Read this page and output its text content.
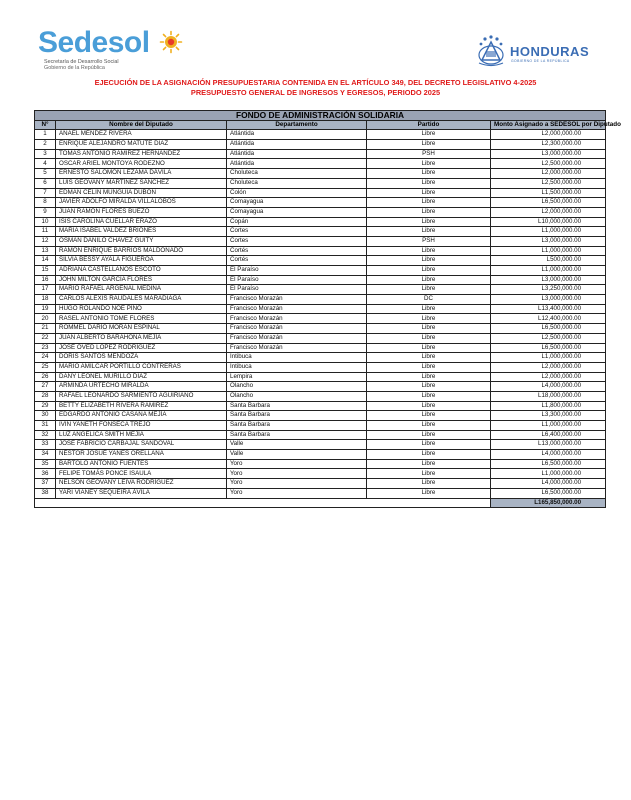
Sedesol
Secretaría de Desarrollo Social
Gobierno de la República
HONDURAS
GOBIERNO DE LA REPÚBLICA
EJECUCIÓN DE LA ASIGNACIÓN PRESUPUESTARIA CONTENIDA EN EL ARTÍCULO 349, DEL DECRETO LEGISLATIVO 4-2025
PRESUPUESTO GENERAL DE INGRESOS Y EGRESOS, PERIODO 2025
FONDO DE ADMINISTRACIÓN SOLIDARIA				
N°	Nombre del Diputado	Departamento	Partido	Monto Asignado a SEDESOL por Diputado
1	ANAEL MÉNDEZ RIVERA	Atlántida	Libre	L2,000,000.00
2	ENRIQUE ALEJANDRO MATUTE DIAZ	Atlántida	Libre	L2,300,000.00
3	TOMAS ANTONIO RAMIREZ HERNANDEZ	Atlántida	PSH	L3,000,000.00
4	OSCAR ARIEL MONTOYA RODEZNO	Atlántida	Libre	L2,500,000.00
5	ERNESTO SALOMÓN LEZAMA DÁVILA	Choluteca	Libre	L2,000,000.00
6	LUIS GEOVANY MARTÍNEZ SÁNCHEZ	Choluteca	Libre	L2,500,000.00
7	EDMAN CELIN MUNGUIA DUBON	Colón	Libre	L1,500,000.00
8	JAVIER ADOLFO MIRALDA VILLALOBOS	Comayagua	Libre	L6,500,000.00
9	JUAN RAMON FLORES BUEZO	Comayagua	Libre	L2,000,000.00
10	ISIS CAROLINA CUELLAR ERAZO	Copán	Libre	L10,000,000.00
11	MARIA ISABEL VALDEZ BRIONES	Cortes	Libre	L1,000,000.00
12	OSMAN DANILO CHAVEZ GUITY	Cortes	PSH	L3,000,000.00
13	RAMON ENRIQUE BARRIOS MALDONADO	Cortés	Libre	L1,000,000.00
14	SILVIA BESSY AYALA FIGUEROA	Cortés	Libre	L500,000.00
15	ADRIANA CASTELLANOS ESCOTO	El Paraíso	Libre	L1,000,000.00
16	JOHN MILTON GARCIA FLORES	El Paraíso	Libre	L3,000,000.00
17	MARIO RAFAEL ARGEÑAL MEDINA	El Paraíso	Libre	L3,250,000.00
18	CARLOS ALEXIS RAUDALES MARADIAGA	Francisco Morazán	DC	L3,000,000.00
19	HUGO ROLANDO NOE PINO	Francisco Morazán	Libre	L13,400,000.00
20	RASEL ANTONIO TOME FLORES	Francisco Morazán	Libre	L12,400,000.00
21	ROMMEL DARÍO MORAN ESPINAL	Francisco Morazán	Libre	L6,500,000.00
22	JUAN ALBERTO BARAHONA MEJÍA	Francisco Morazán	Libre	L2,500,000.00
23	JOSÉ OVED LÓPEZ RODRÍGUEZ	Francisco Morazán	Libre	L6,500,000.00
24	DORIS SANTOS MENDOZA	Intibuca	Libre	L1,000,000.00
25	MARIO AMILCAR PORTILLO CONTRERAS	Intibuca	Libre	L2,000,000.00
26	DANY LEONEL MURILLO DIAZ	Lempira	Libre	L2,000,000.00
27	ARMINDA URTECHO MIRALDA	Olancho	Libre	L4,000,000.00
28	RAFAEL LEONARDO SARMIENTO AGUIRIANO	Olancho	Libre	L18,000,000.00
29	BETTY ELIZABETH RIVERA RAMIREZ	Santa Barbara	Libre	L1,800,000.00
30	EDGARDO ANTONIO CASAÑA MEJÍA	Santa Barbara	Libre	L3,300,000.00
31	IVIN YANETH FONSECA TREJO	Santa Barbara	Libre	L1,000,000.00
32	LUZ ANGELICA SMITH MEJIA	Santa Barbara	Libre	L6,400,000.00
33	JOSÉ FABRICIO CARBAJAL SANDOVAL	Valle	Libre	L13,000,000.00
34	NÉSTOR JOSUÉ YANES ORELLANA	Valle	Libre	L4,000,000.00
35	BARTOLO ANTONIO FUENTES	Yoro	Libre	L6,500,000.00
36	FELIPE TOMÁS PONCE ISAULA	Yoro	Libre	L1,000,000.00
37	NELSON GEOVANY LEIVA RODRÍGUEZ	Yoro	Libre	L4,000,000.00
38	YARI VIANEY SEQUEIRA ÁVILA	Yoro	Libre	L6,500,000.00
				L165,850,000.00
